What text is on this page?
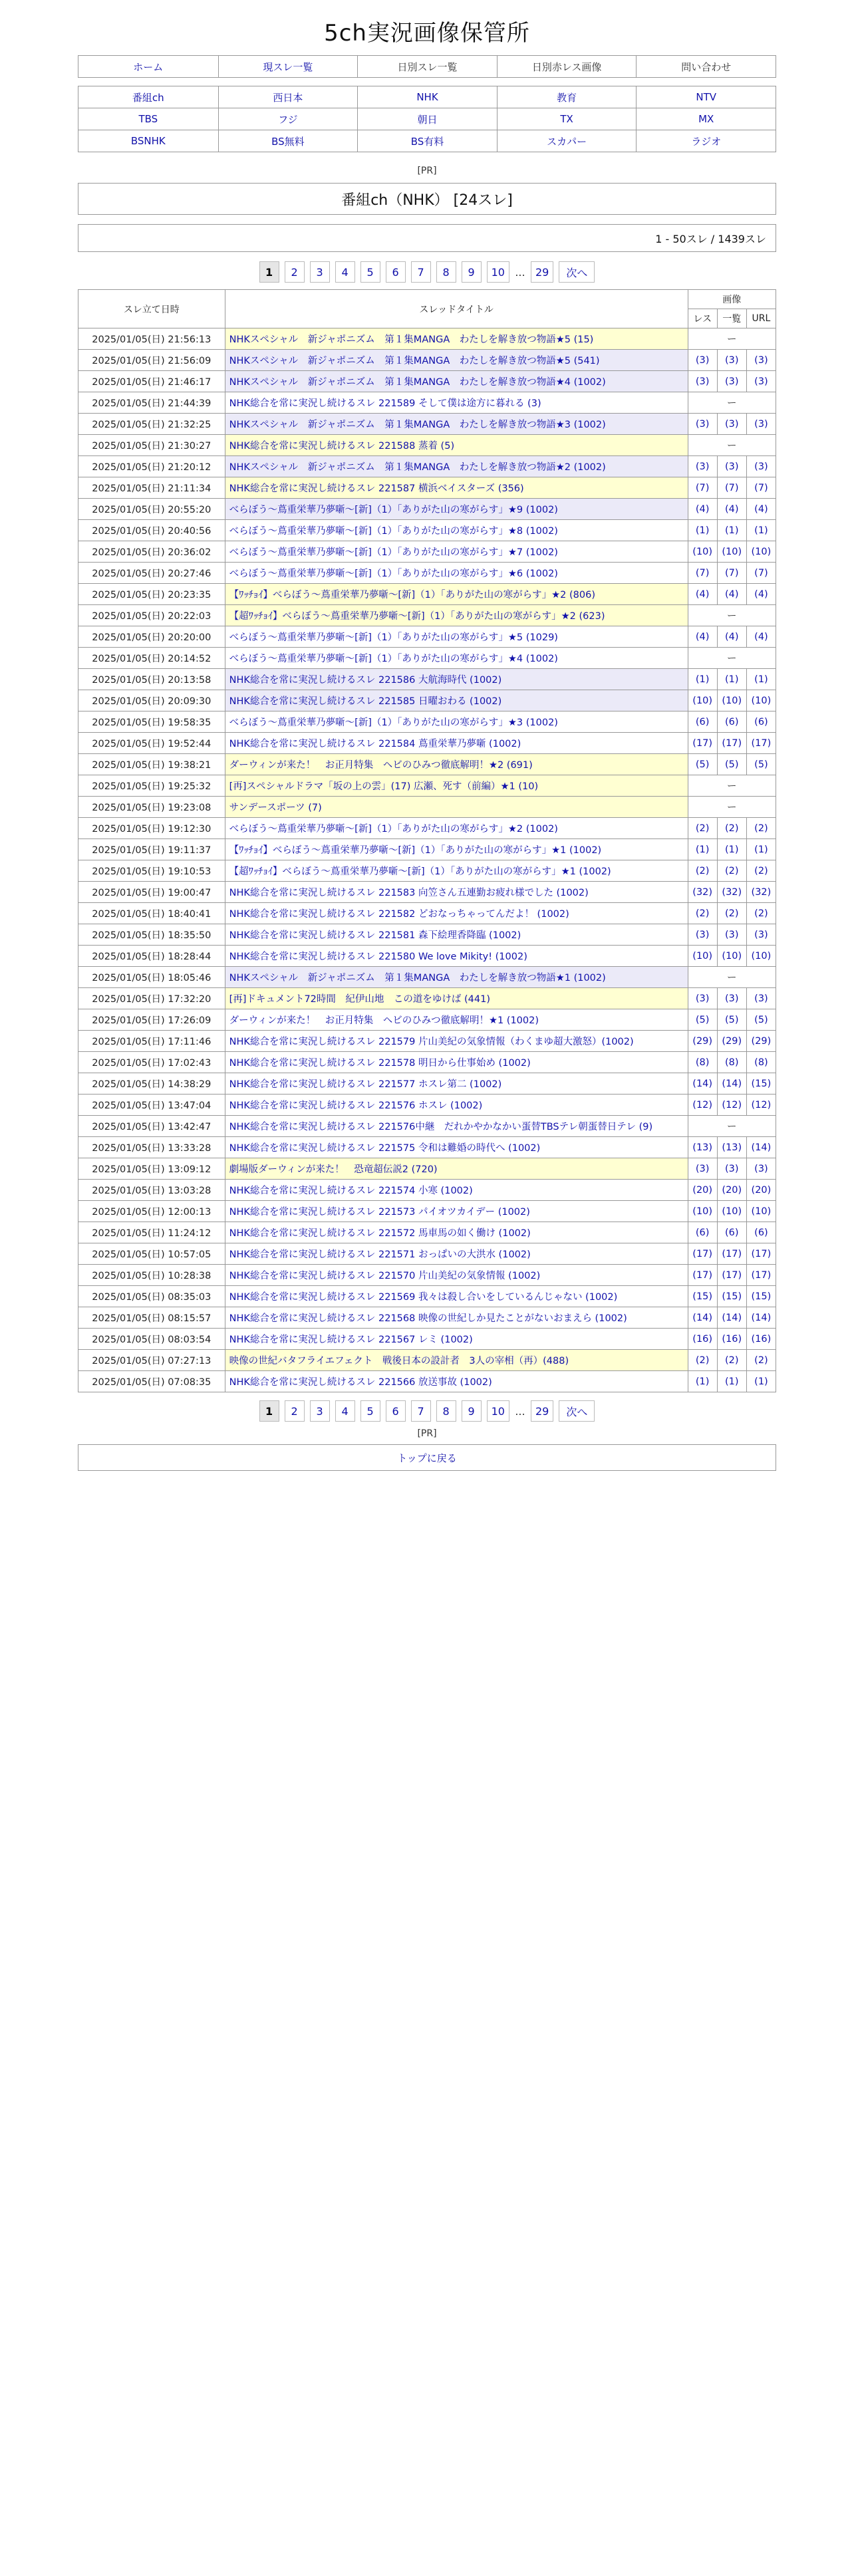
5ch実況画像保管所
ホーム	現スレ一覧	日別スレ一覧	日別赤レス画像	問い合わせ
番組ch	西日本	NHK	教育	NTV
TBS	フジ	朝日	TX	MX
BSNHK	BS無料	BS有料	スカパー	ラジオ
[PR]
番組ch（NHK） [24スレ]
1 - 50スレ / 1439スレ
1	2	3	4	5	6	7	8	9	10 ... 29	次へ
スレ立て日時	スレッドタイトル	画像		
		レス	一覧	URL
2025/01/05(日) 21:56:13	NHKスペシャル　新ジャポニズム　第１集MANGA　わたしを解き放つ物語★5 (15)	ー		
2025/01/05(日) 21:56:09	NHKスペシャル　新ジャポニズム　第１集MANGA　わたしを解き放つ物語★5 (541)	(3)	(3)	(3)
2025/01/05(日) 21:46:17	NHKスペシャル　新ジャポニズム　第１集MANGA　わたしを解き放つ物語★4 (1002)	(3)	(3)	(3)
2025/01/05(日) 21:44:39	NHK総合を常に実況し続けるスレ 221589 そして僕は途方に暮れる (3)	ー		
2025/01/05(日) 21:32:25	NHKスペシャル　新ジャポニズム　第１集MANGA　わたしを解き放つ物語★3 (1002)	(3)	(3)	(3)
2025/01/05(日) 21:30:27	NHK総合を常に実況し続けるスレ 221588 蒸着 (5)	ー		
2025/01/05(日) 21:20:12	NHKスペシャル　新ジャポニズム　第１集MANGA　わたしを解き放つ物語★2 (1002)	(3)	(3)	(3)
2025/01/05(日) 21:11:34	NHK総合を常に実況し続けるスレ 221587 横浜ベイスターズ (356)	(7)	(7)	(7)
2025/01/05(日) 20:55:20	べらぼう～蔦重栄華乃夢噺～[新]（1）「ありがた山の寒がらす」★9 (1002)	(4)	(4)	(4)
2025/01/05(日) 20:40:56	べらぼう～蔦重栄華乃夢噺～[新]（1）「ありがた山の寒がらす」★8 (1002)	(1)	(1)	(1)
2025/01/05(日) 20:36:02	べらぼう～蔦重栄華乃夢噺～[新]（1）「ありがた山の寒がらす」★7 (1002)	(10)	(10)	(10)
2025/01/05(日) 20:27:46	べらぼう～蔦重栄華乃夢噺～[新]（1）「ありがた山の寒がらす」★6 (1002)	(7)	(7)	(7)
2025/01/05(日) 20:23:35	【ﾜｯﾁｮｲ】べらぼう～蔦重栄華乃夢噺～[新]（1）「ありがた山の寒がらす」★2 (806)	(4)	(4)	(4)
2025/01/05(日) 20:22:03	【超ﾜｯﾁｮｲ】べらぼう～蔦重栄華乃夢噺～[新]（1）「ありがた山の寒がらす」★2 (623)	ー		
2025/01/05(日) 20:20:00	べらぼう～蔦重栄華乃夢噺～[新]（1）「ありがた山の寒がらす」★5 (1029)	(4)	(4)	(4)
2025/01/05(日) 20:14:52	べらぼう～蔦重栄華乃夢噺～[新]（1）「ありがた山の寒がらす」★4 (1002)	ー		
2025/01/05(日) 20:13:58	NHK総合を常に実況し続けるスレ 221586 大航海時代 (1002)	(1)	(1)	(1)
2025/01/05(日) 20:09:30	NHK総合を常に実況し続けるスレ 221585 日曜おわる (1002)	(10)	(10)	(10)
2025/01/05(日) 19:58:35	べらぼう～蔦重栄華乃夢噺～[新]（1）「ありがた山の寒がらす」★3 (1002)	(6)	(6)	(6)
2025/01/05(日) 19:52:44	NHK総合を常に実況し続けるスレ 221584 蔦重栄華乃夢噺 (1002)	(17)	(17)	(17)
2025/01/05(日) 19:38:21	ダーウィンが来た！　お正月特集　ヘビのひみつ徹底解明！★2 (691)	(5)	(5)	(5)
2025/01/05(日) 19:25:32	[再]スペシャルドラマ「坂の上の雲」(17) 広瀬、死す（前編）★1 (10)	ー		
2025/01/05(日) 19:23:08	サンデースポーツ (7)	ー		
2025/01/05(日) 19:12:30	べらぼう～蔦重栄華乃夢噺～[新]（1）「ありがた山の寒がらす」★2 (1002)	(2)	(2)	(2)
2025/01/05(日) 19:11:37	【ﾜｯﾁｮｲ】べらぼう～蔦重栄華乃夢噺～[新]（1）「ありがた山の寒がらす」★1 (1002)	(1)	(1)	(1)
2025/01/05(日) 19:10:53	【超ﾜｯﾁｮｲ】べらぼう～蔦重栄華乃夢噺～[新]（1）「ありがた山の寒がらす」★1 (1002)	(2)	(2)	(2)
2025/01/05(日) 19:00:47	NHK総合を常に実況し続けるスレ 221583 向笠さん五連勤お疲れ様でした (1002)	(32)	(32)	(32)
2025/01/05(日) 18:40:41	NHK総合を常に実況し続けるスレ 221582 どおなっちゃってんだよ！ (1002)	(2)	(2)	(2)
2025/01/05(日) 18:35:50	NHK総合を常に実況し続けるスレ 221581 森下絵理香降臨 (1002)	(3)	(3)	(3)
2025/01/05(日) 18:28:44	NHK総合を常に実況し続けるスレ 221580 We love Mikity! (1002)	(10)	(10)	(10)
2025/01/05(日) 18:05:46	NHKスペシャル　新ジャポニズム　第１集MANGA　わたしを解き放つ物語★1 (1002)	ー		
2025/01/05(日) 17:32:20	[再]ドキュメント72時間　紀伊山地　この道をゆけば (441)	(3)	(3)	(3)
2025/01/05(日) 17:26:09	ダーウィンが来た！　お正月特集　ヘビのひみつ徹底解明！★1 (1002)	(5)	(5)	(5)
2025/01/05(日) 17:11:46	NHK総合を常に実況し続けるスレ 221579 片山美紀の気象情報（わくまゆ超大激怒）(1002)	(29)	(29)	(29)
2025/01/05(日) 17:02:43	NHK総合を常に実況し続けるスレ 221578 明日から仕事始め (1002)	(8)	(8)	(8)
2025/01/05(日) 14:38:29	NHK総合を常に実況し続けるスレ 221577 ホスレ第二 (1002)	(14)	(14)	(15)
2025/01/05(日) 13:47:04	NHK総合を常に実況し続けるスレ 221576 ホスレ (1002)	(12)	(12)	(12)
2025/01/05(日) 13:42:47	NHK総合を常に実況し続けるスレ 221576中継　だれかやかなかい蛋替TBSテレ朝蛋替日テレ (9)	ー		
2025/01/05(日) 13:33:28	NHK総合を常に実況し続けるスレ 221575 令和は難婚の時代へ (1002)	(13)	(13)	(14)
2025/01/05(日) 13:09:12	劇場版ダーウィンが来た！　恐竜超伝説2 (720)	(3)	(3)	(3)
2025/01/05(日) 13:03:28	NHK総合を常に実況し続けるスレ 221574 小寒 (1002)	(20)	(20)	(20)
2025/01/05(日) 12:00:13	NHK総合を常に実況し続けるスレ 221573 パイオツカイデー (1002)	(10)	(10)	(10)
2025/01/05(日) 11:24:12	NHK総合を常に実況し続けるスレ 221572 馬車馬の如く働け (1002)	(6)	(6)	(6)
2025/01/05(日) 10:57:05	NHK総合を常に実況し続けるスレ 221571 おっぱいの大洪水 (1002)	(17)	(17)	(17)
2025/01/05(日) 10:28:38	NHK総合を常に実況し続けるスレ 221570 片山美紀の気象情報 (1002)	(17)	(17)	(17)
2025/01/05(日) 08:35:03	NHK総合を常に実況し続けるスレ 221569 我々は殺し合いをしているんじゃない (1002)	(15)	(15)	(15)
2025/01/05(日) 08:15:57	NHK総合を常に実況し続けるスレ 221568 映像の世紀しか見たことがないおまえら (1002)	(14)	(14)	(14)
2025/01/05(日) 08:03:54	NHK総合を常に実況し続けるスレ 221567 レミ (1002)	(16)	(16)	(16)
2025/01/05(日) 07:27:13	映像の世紀バタフライエフェクト　戦後日本の設計者　3人の宰相（再）(488)	(2)	(2)	(2)
2025/01/05(日) 07:08:35	NHK総合を常に実況し続けるスレ 221566 放送事故 (1002)	(1)	(1)	(1)
1	2	3	4	5	6	7	8	9	10 ... 29	次へ
[PR]
トップに戻る
